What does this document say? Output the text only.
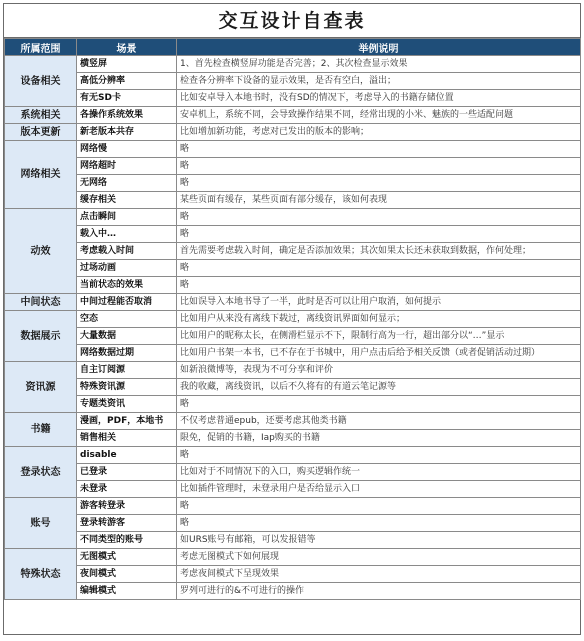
交互设计自查表
所属范围	场景	举例说明
设备相关	横竖屏	1、首先检查横竖屏功能是否完善；2、其次检查显示效果
	高低分辨率	检查各分辨率下设备的显示效果，是否有空白，溢出；
	有无SD卡	比如安卓导入本地书时，没有SD的情况下，考虑导入的书籍存储位置
系统相关	各操作系统效果	安卓机上，系统不同，会导致操作结果不同，经常出现的小米、魅族的一些适配问题
版本更新	新老版本共存	比如增加新功能，考虑对已发出的版本的影响；
网络相关	网络慢	略
	网络超时	略
	无网络	略
	缓存相关	某些页面有缓存，某些页面有部分缓存，该如何表现
动效	点击瞬间	略
	载入中…	略
	考虑载入时间	首先需要考虑载入时间，确定是否添加效果；其次如果太长还未获取到数据，作何处理；
	过场动画	略
	当前状态的效果	略
中间状态	中间过程能否取消	比如误导入本地书导了一半，此时是否可以让用户取消，如何提示
数据展示	空态	比如用户从来没有离线下载过，离线资讯界面如何显示；
	大量数据	比如用户的昵称太长，在侧滑栏显示不下，限制行高为一行，超出部分以“…”显示
	网络数据过期	比如用户书架一本书，已不存在于书城中，用户点击后给予相关反馈（或者促销活动过期）
资讯源	自主订阅源	如新浪微博等，表现为不可分享和评价
	特殊资讯源	我的收藏，离线资讯，以后不久将有的有道云笔记源等
	专题类资讯	略
书籍	漫画，PDF，本地书	不仅考虑普通epub，还要考虑其他类书籍
	销售相关	限免，促销的书籍，Iap购买的书籍
登录状态	disable	略
	已登录	比如对于不同情况下的入口，购买逻辑作统一
	未登录	比如插件管理时，未登录用户是否给显示入口
账号	游客转登录	略
	登录转游客	略
	不同类型的账号	如URS账号有邮箱，可以发报错等
特殊状态	无图模式	考虑无图模式下如何展现
	夜间模式	考虑夜间模式下呈现效果
	编辑模式	罗列可进行的&不可进行的操作
